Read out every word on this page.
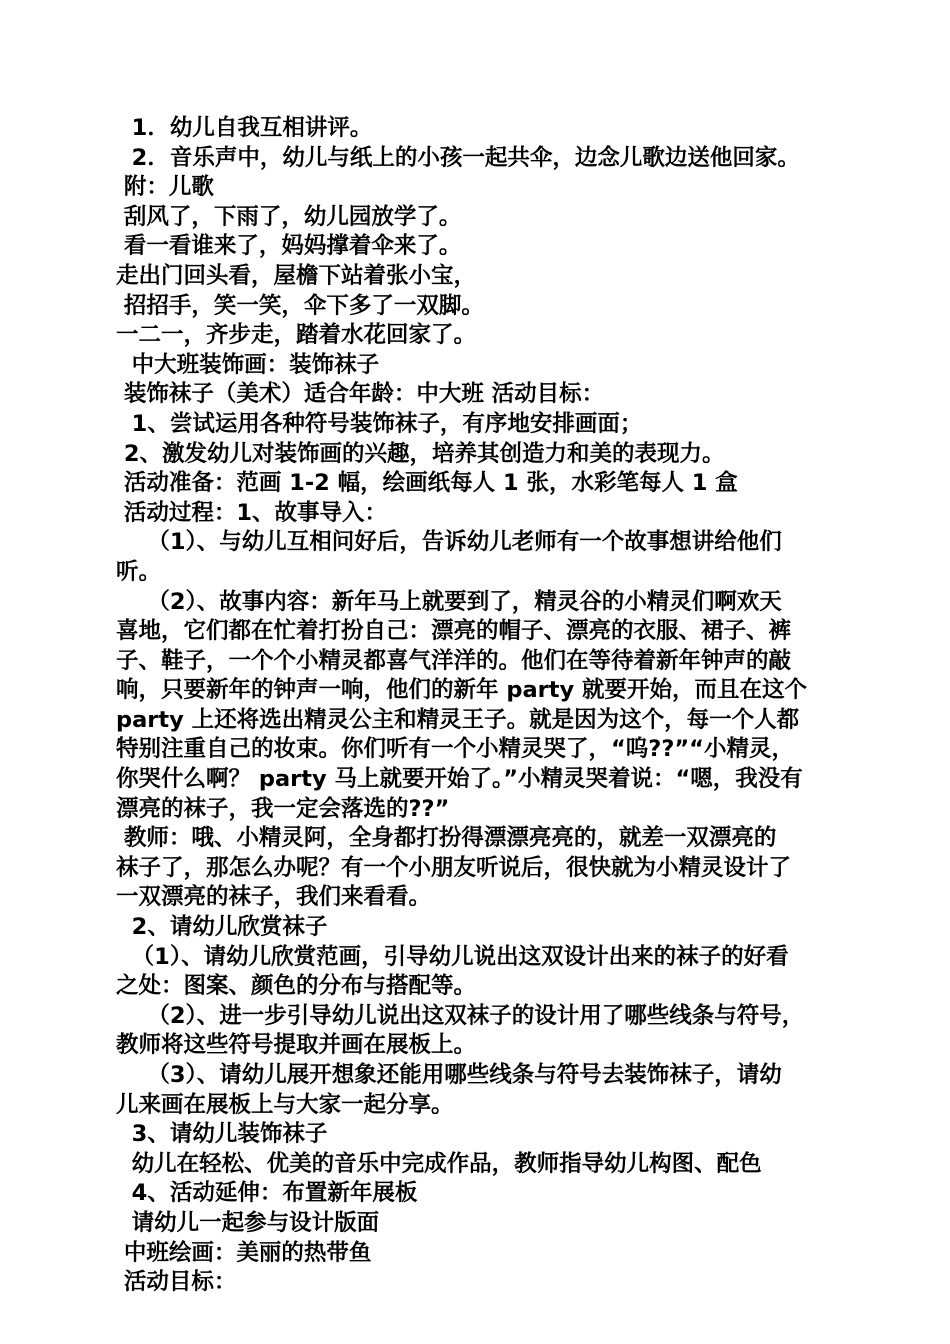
1．幼儿自我互相讲评。
2．音乐声中，幼儿与纸上的小孩一起共伞，边念儿歌边送他回家。
附：儿歌
刮风了，下雨了，幼儿园放学了。
看一看谁来了，妈妈撑着伞来了。
走出门回头看，屋檐下站着张小宝，
招招手，笑一笑，伞下多了一双脚。
一二一，齐步走，踏着水花回家了。
中大班装饰画：装饰袜子
装饰袜子（美术）适合年龄：中大班 活动目标：
1、尝试运用各种符号装饰袜子，有序地安排画面；
2、激发幼儿对装饰画的兴趣，培养其创造力和美的表现力。
活动准备：范画 1-2 幅，绘画纸每人 1 张，水彩笔每人 1 盒
活动过程：1、故事导入：
（1）、与幼儿互相问好后，告诉幼儿老师有一个故事想讲给他们
听。
（2）、故事内容：新年马上就要到了，精灵谷的小精灵们啊欢天
喜地，它们都在忙着打扮自己：漂亮的帽子、漂亮的衣服、裙子、裤
子、鞋子，一个个小精灵都喜气洋洋的。他们在等待着新年钟声的敲
响，只要新年的钟声一响，他们的新年 party 就要开始，而且在这个
party 上还将选出精灵公主和精灵王子。就是因为这个，每一个人都
特别注重自己的妆束。你们听有一个小精灵哭了，“呜??”“小精灵，
你哭什么啊？ party 马上就要开始了。”小精灵哭着说：“嗯，我没有
漂亮的袜子，我一定会落选的??”
教师：哦、小精灵阿，全身都打扮得漂漂亮亮的，就差一双漂亮的
袜子了，那怎么办呢？有一个小朋友听说后，很快就为小精灵设计了
一双漂亮的袜子，我们来看看。
2、请幼儿欣赏袜子
（1）、请幼儿欣赏范画，引导幼儿说出这双设计出来的袜子的好看
之处：图案、颜色的分布与搭配等。
（2）、进一步引导幼儿说出这双袜子的设计用了哪些线条与符号，
教师将这些符号提取并画在展板上。
（3）、请幼儿展开想象还能用哪些线条与符号去装饰袜子，请幼
儿来画在展板上与大家一起分享。
3、请幼儿装饰袜子
幼儿在轻松、优美的音乐中完成作品，教师指导幼儿构图、配色
4、活动延伸：布置新年展板
请幼儿一起参与设计版面
中班绘画：美丽的热带鱼
活动目标：
